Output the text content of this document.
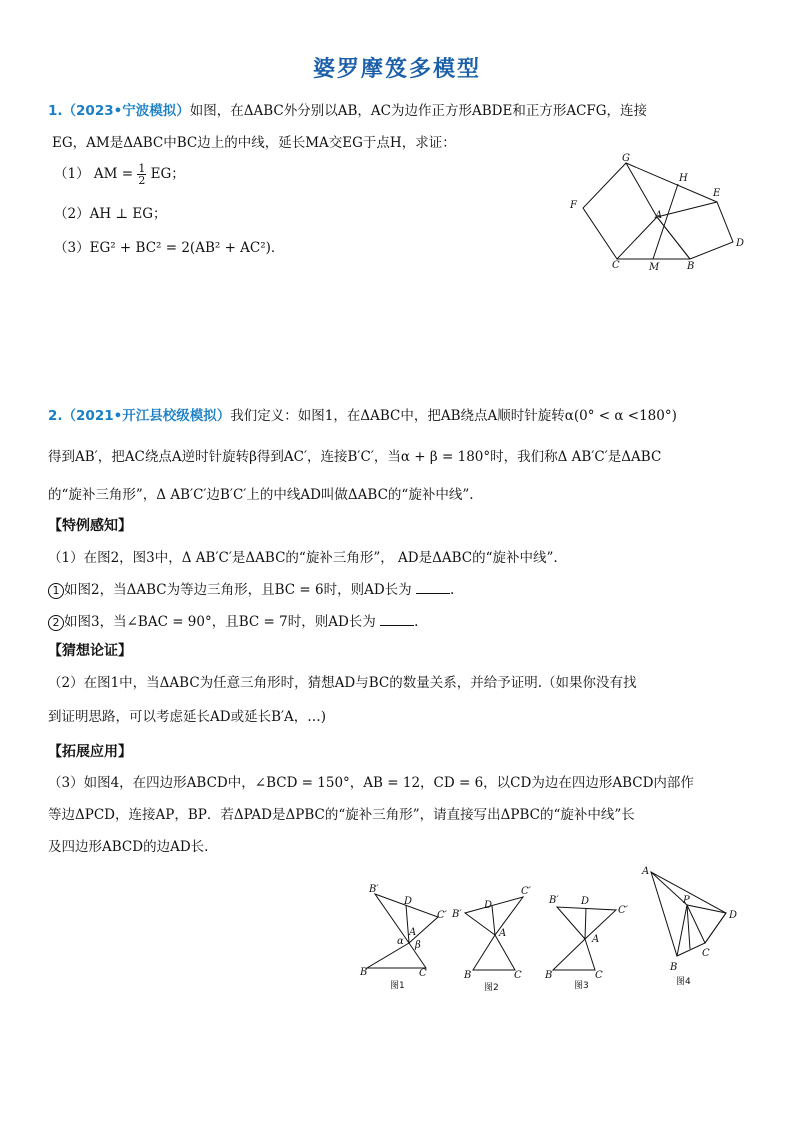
婆罗摩笈多模型
1.（2023•宁波模拟）如图，在ΔABC外分别以AB，AC为边作正方形ABDE和正方形ACFG，连接
EG，AM是ΔABC中BC边上的中线，延长MA交EG于点H，求证：
（1） AM = $\frac{1}{2}$ EG；
（2）AH ⊥ EG；
（3）EG² + BC² = 2(AB² + AC²)．
G
H
E
F
A
D
C	M	B
2.（2021•开江县校级模拟）我们定义：如图1，在ΔABC中，把AB绕点A顺时针旋转α(0° < α <180°)
得到AB′，把AC绕点A逆时针旋转β得到AC′，连接B′C′，当α + β = 180°时，我们称Δ AB′C′是ΔABC
的“旋补三角形”，Δ AB′C′边B′C′上的中线AD叫做ΔABC的“旋补中线”.
【特例感知】
（1）在图2，图3中，Δ AB′C′是ΔABC的“旋补三角形”， AD是ΔABC的“旋补中线”.
1 如图2，当ΔABC为等边三角形，且BC = 6时，则AD长为	.
2 如图3，当∠BAC = 90°，且BC = 7时，则AD长为	.
【猜想论证】
（2）在图1中，当ΔABC为任意三角形时，猜想AD与BC的数量关系，并给予证明.（如果你没有找
到证明思路，可以考虑延长AD或延长B′A，…)
【拓展应用】
（3）如图4，在四边形ABCD中，∠BCD = 150°，AB = 12，CD = 6，以CD为边在四边形ABCD内部作
等边ΔPCD，连接AP，BP．若ΔPAD是ΔPBC的“旋补三角形”，请直接写出ΔPBC的“旋补中线”长
及四边形ABCD的边AD长.
B′
D
C′
A
α β
B	C
图1
B′
D
C′
A
B	C
图2
B′ D
C′
A
B	C
图3
A
P
D
C
B
图4
